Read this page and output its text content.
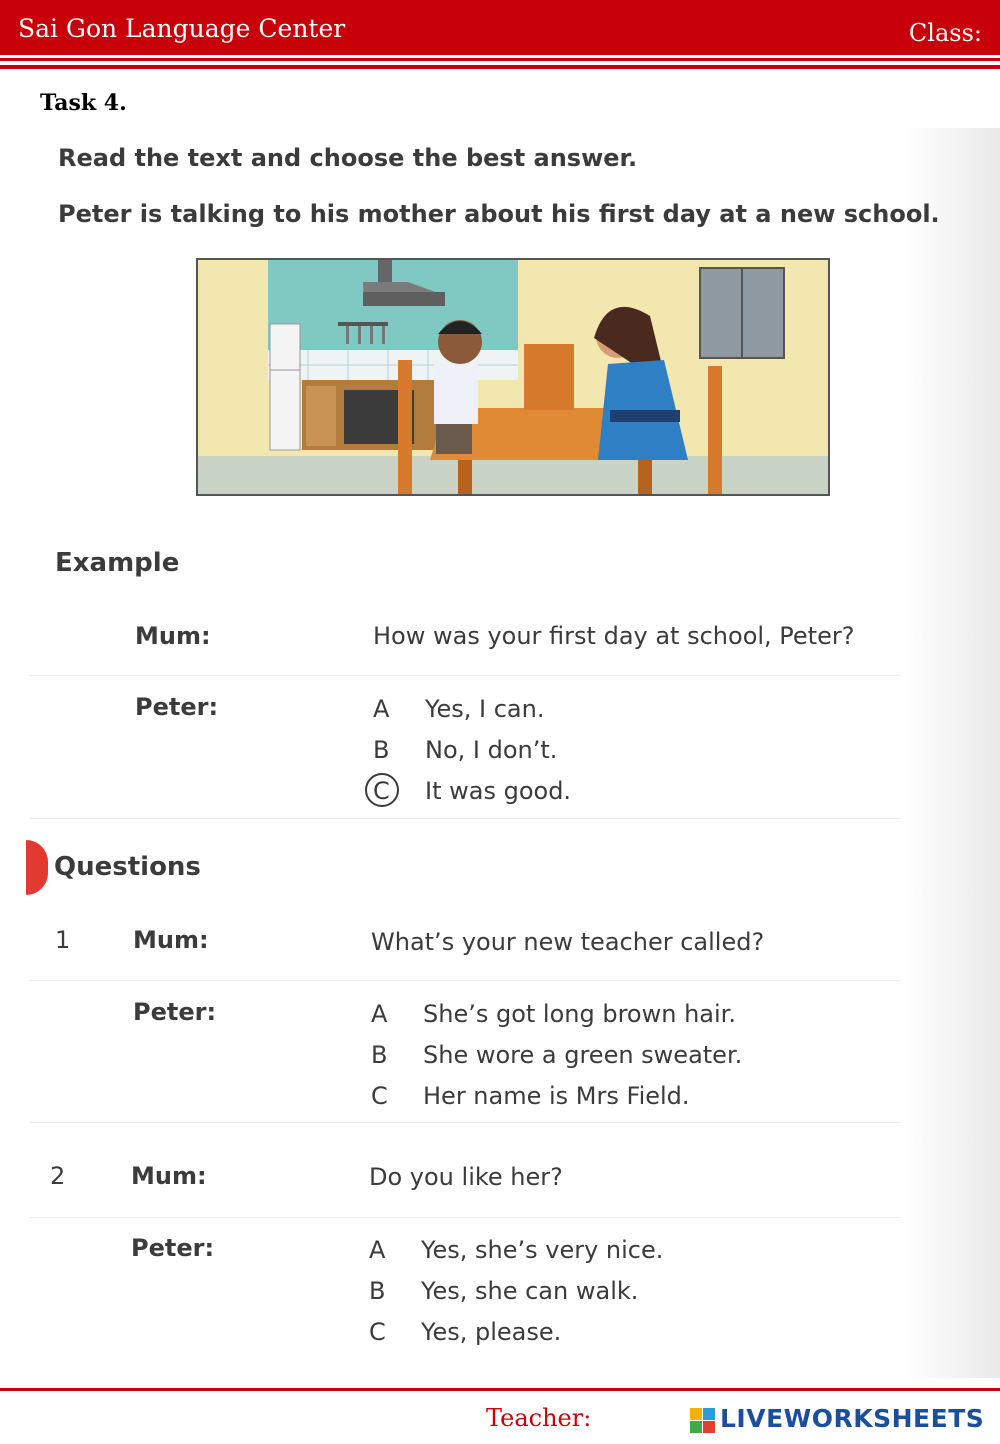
Sai Gon Language Center	Class:
Task 4.
Read the text and choose the best answer.
Peter is talking to his mother about his first day at a new school.
Example
Mum:	How was your first day at school, Peter?
Peter:	A Yes, I can.
B No, I don’t.
C It was good.
Questions
1	Mum:	What’s your new teacher called?
Peter:	A She’s got long brown hair.
B She wore a green sweater.
C Her name is Mrs Field.
2	Mum:	Do you like her?
Peter:	A Yes, she’s very nice.
B Yes, she can walk.
C Yes, please.
Teacher:	LIVEWORKSHEETS
